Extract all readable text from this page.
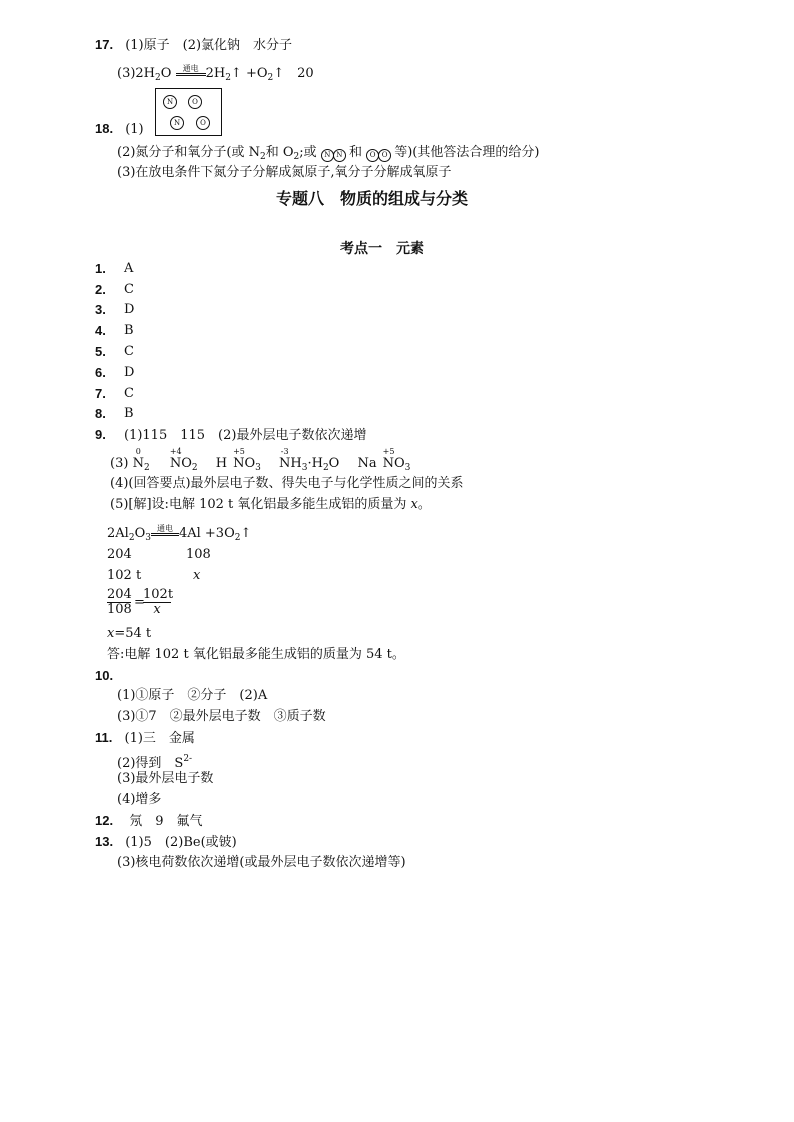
17. (1)原子　(2)氯化钠　水分子
$(3)2H_2O$	通电 $2H_2↑$ $+O_2↑$　20
N	O
N	O
18. (1)
(2)氮分子和氧分子(或 $N_2$和 $O_2$;或 N N 和 O O 等)(其他答法合理的给分)
(3)在放电条件下氮分子分解成氮原子,氧分子分解成氧原子
专题八　物质的组成与分类
考点一　元素
1. A
2. C
3. D
4. B
5. C
6. D
7. C
8. B
9. (1)115　115　(2)最外层电子数依次递增
(3)
0
$N_2$
+4
$NO_2$ H
+5
$NO_3$
-3
$NH_3\cdot H_2O$ Na
+5
$NO_3$
(4)(回答要点)最外层电子数、得失电子与化学性质之间的关系
(5)[解]设:电解 102 t 氧化铝最多能生成铝的质量为 x。
$2Al_2O_3$
通电 $4Al +3O_2↑$
204	108
102 t	x
$\frac{204}{108}$ =
$\frac{102t}{x}$
x=54 t
答:电解 102 t 氧化铝最多能生成铝的质量为 54 t。
10.
(1)①原子　②分子　(2)A
(3)①7　②最外层电子数　③质子数
11. (1)三　金属
(2)得到　$S^{2-}$
(3)最外层电子数
(4)增多
12. 氖　9　氟气
13. (1)5　(2)Be(或铍)
(3)核电荷数依次递增(或最外层电子数依次递增等)
